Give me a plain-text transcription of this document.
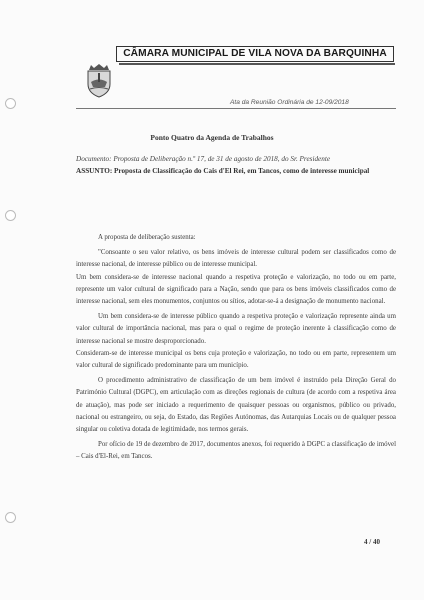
CÂMARA MUNICIPAL DE VILA NOVA DA BARQUINHA
Ata da Reunião Ordinária de 12-09/2018
Ponto Quatro da Agenda de Trabalhos
Documento: Proposta de Deliberação n.º 17, de 31 de agosto de 2018, do Sr. Presidente
ASSUNTO: Proposta de Classificação do Cais d'El Rei, em Tancos, como de interesse municipal

A proposta de deliberação sustenta:

"Consoante o seu valor relativo, os bens imóveis de interesse cultural podem ser classificados como de interesse nacional, de interesse público ou de interesse municipal.

Um bem considera-se de interesse nacional quando a respetiva proteção e valorização, no todo ou em parte, represente um valor cultural de significado para a Nação, sendo que para os bens imóveis classificados como de interesse nacional, sem eles monumentos, conjuntos ou sítios, adotar-se-á a designação de monumento nacional.

Um bem considera-se de interesse público quando a respetiva proteção e valorização represente ainda um valor cultural de importância nacional, mas para o qual o regime de proteção inerente à classificação como de interesse nacional se mostre desproporcionado.

Consideram-se de interesse municipal os bens cuja proteção e valorização, no todo ou em parte, representem um valor cultural de significado predominante para um município.

O procedimento administrativo de classificação de um bem imóvel é instruído pela Direção Geral do Património Cultural (DGPC), em articulação com as direções regionais de cultura (de acordo com a respetiva área de atuação), mas pode ser iniciado a requerimento de quaisquer pessoas ou organismos, público ou privado, nacional ou estrangeiro, ou seja, do Estado, das Regiões Autónomas, das Autarquias Locais ou de qualquer pessoa singular ou coletiva dotada de legitimidade, nos termos gerais.

Por ofício de 19 de dezembro de 2017, documentos anexos, foi requerido à DGPC a classificação de imóvel – Cais d'El-Rei, em Tancos.

4 / 40
